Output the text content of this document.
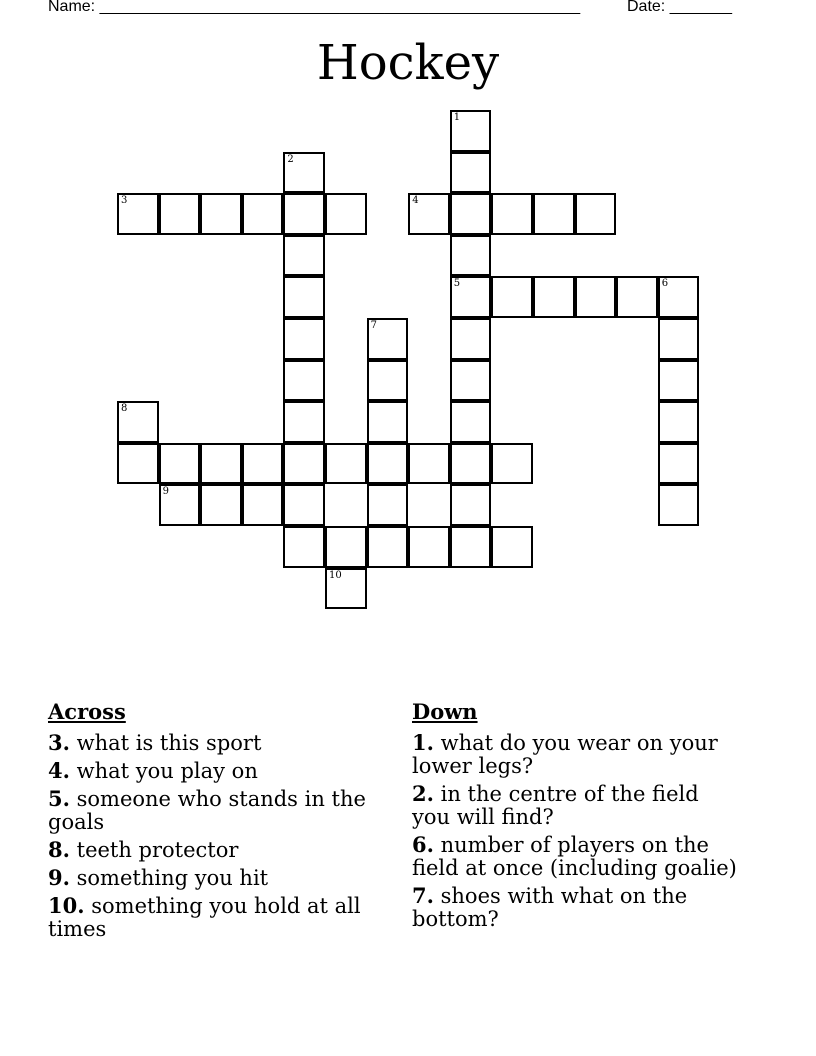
Name: ______________________________________________________	Date: _______
Hockey
9
5
1
2
3	4
6
7
8
10
Across
3. what is this sport
4. what you play on
5. someone who stands in the goals
8. teeth protector
9. something you hit
10. something you hold at all times
Down
1. what do you wear on your lower legs?
2. in the centre of the field you will find?
6. number of players on the field at once (including goalie)
7. shoes with what on the bottom?
